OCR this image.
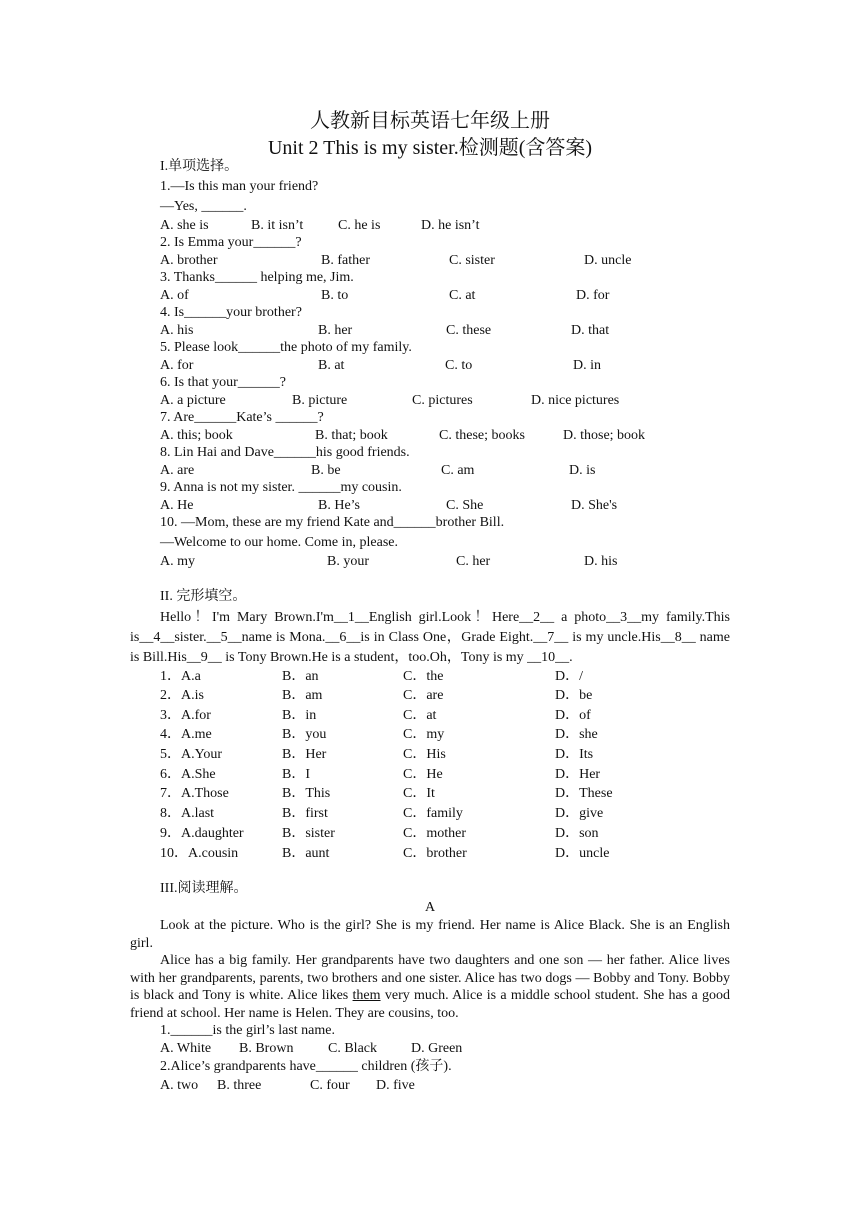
人教新目标英语七年级上册
Unit 2 This is my sister.检测题(含答案)
I.单项选择。
1.—Is this man your friend?
—Yes, ______.
A. she is	B. it isn’t C. he is	D. he isn’t
2. Is Emma your______?
A. brother	B. father	C. sister	D. uncle
3. Thanks______ helping me, Jim.
A. of	B. to	C. at	D. for
4. Is______your brother?
A. his	B. her	C. these	D. that
5. Please look______the photo of my family.
A. for	B. at	C. to	D. in
6. Is that your______?
A. a picture	B. picture	C. pictures	D. nice pictures
7. Are______Kate’s ______?
A. this; book	B. that; book	C. these; books	D. those; book
8. Lin Hai and Dave______his good friends.
A. are	B. be	C. am	D. is
9. Anna is not my sister. ______my cousin.
A. He	B. He’s	C. She	D. She's
10. —Mom, these are my friend Kate and______brother Bill.
—Welcome to our home. Come in, please.
A. my	B. your	C. her	D. his
II. 完形填空。
Hello！I'm Mary Brown.I'm__1__English girl.Look！Here__2__ a photo__3__my family.This is__4__sister.__5__name is Mona.__6__is in Class One，Grade Eight.__7__ is my uncle.His__8__ name is Bill.His__9__ is Tony Brown.He is a student，too.Oh，Tony is my __10__.
1．A.a	B．an	C．the	D．/
2．A.is	B．am	C．are	D．be
3．A.for	B．in	C．at	D．of
4．A.me	B．you	C．my	D．she
5．A.Your	B．Her	C．His	D．Its
6．A.She	B．I	C．He	D．Her
7．A.Those	B．This	C．It	D．These
8．A.last	B．first	C．family	D．give
9．A.daughter	B．sister	C．mother	D．son
10．A.cousin	B．aunt	C．brother	D．uncle
III.阅读理解。
A
Look at the picture. Who is the girl? She is my friend. Her name is Alice Black. She is an English girl.
Alice has a big family. Her grandparents have two daughters and one son — her father. Alice lives with her grandparents, parents, two brothers and one sister. Alice has two dogs — Bobby and Tony. Bobby is black and Tony is white. Alice likes them very much. Alice is a middle school student. She has a good friend at school. Her name is Helen. They are cousins, too.
1.______is the girl’s last name.
A. White B. Brown C. Black D. Green
2.Alice’s grandparents have______ children (孩子).
A. two B. three	C. four D. five
